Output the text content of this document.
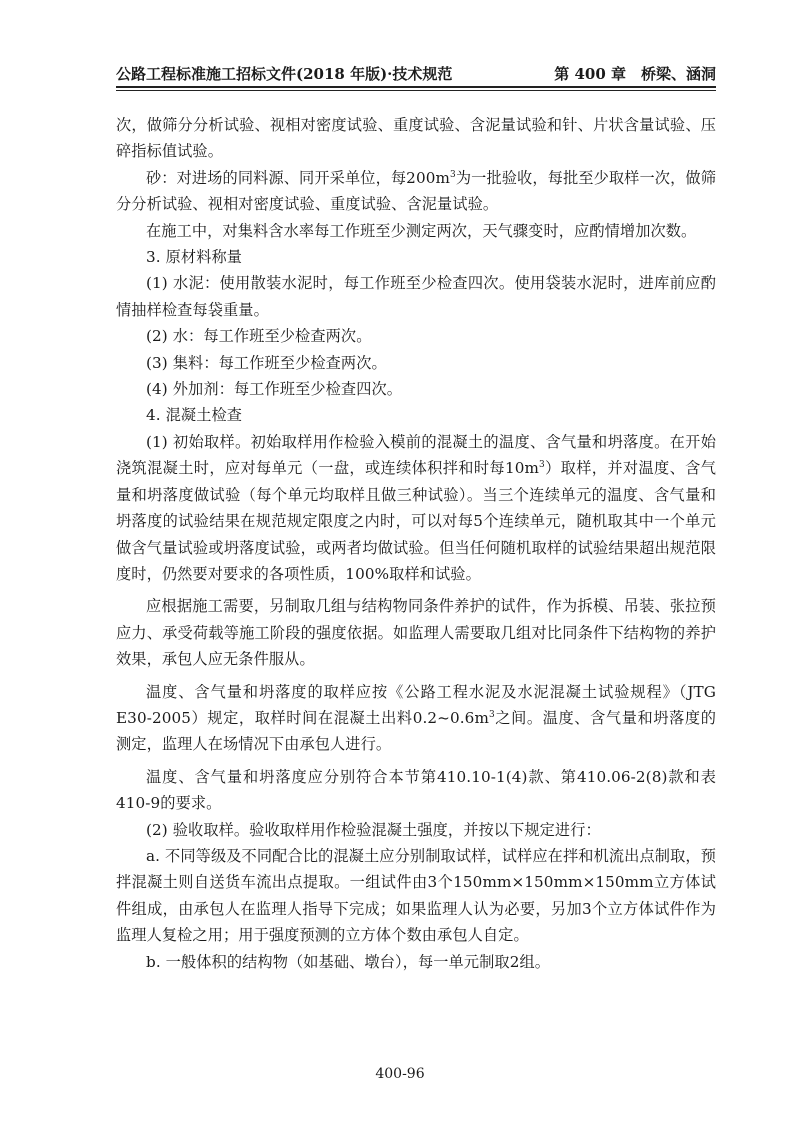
公路工程标准施工招标文件(2018 年版)·技术规范	第 400 章　桥梁、涵洞

次，做筛分分析试验、视相对密度试验、重度试验、含泥量试验和针、片状含量试验、压碎指标值试验。

砂：对进场的同料源、同开采单位，每$200m^3$为一批验收，每批至少取样一次，做筛分分析试验、视相对密度试验、重度试验、含泥量试验。

在施工中，对集料含水率每工作班至少测定两次，天气骤变时，应酌情增加次数。

3. 原材料称量

(1) 水泥：使用散装水泥时，每工作班至少检查四次。使用袋装水泥时，进库前应酌情抽样检查每袋重量。

(2) 水：每工作班至少检查两次。

(3) 集料：每工作班至少检查两次。

(4) 外加剂：每工作班至少检查四次。

4. 混凝土检查

(1) 初始取样。初始取样用作检验入模前的混凝土的温度、含气量和坍落度。在开始浇筑混凝土时，应对每单元（一盘，或连续体积拌和时每$10m^3$）取样，并对温度、含气量和坍落度做试验（每个单元均取样且做三种试验）。当三个连续单元的温度、含气量和坍落度的试验结果在规范规定限度之内时，可以对每5个连续单元，随机取其中一个单元做含气量试验或坍落度试验，或两者均做试验。但当任何随机取样的试验结果超出规范限度时，仍然要对要求的各项性质，100%取样和试验。

应根据施工需要，另制取几组与结构物同条件养护的试件，作为拆模、吊装、张拉预应力、承受荷载等施工阶段的强度依据。如监理人需要取几组对比同条件下结构物的养护效果，承包人应无条件服从。

温度、含气量和坍落度的取样应按《公路工程水泥及水泥混凝土试验规程》（JTG E30-2005）规定，取样时间在混凝土出料$0.2\sim 0.6m^3$之间。温度、含气量和坍落度的测定，监理人在场情况下由承包人进行。

温度、含气量和坍落度应分别符合本节第410.10-1(4)款、第410.06-2(8)款和表410-9的要求。

(2) 验收取样。验收取样用作检验混凝土强度，并按以下规定进行：

a. 不同等级及不同配合比的混凝土应分别制取试样，试样应在拌和机流出点制取，预拌混凝土则自送货车流出点提取。一组试件由3个150mm×150mm×150mm立方体试件组成，由承包人在监理人指导下完成；如果监理人认为必要，另加3个立方体试件作为监理人复检之用；用于强度预测的立方体个数由承包人自定。

b. 一般体积的结构物（如基础、墩台），每一单元制取2组。

400-96
